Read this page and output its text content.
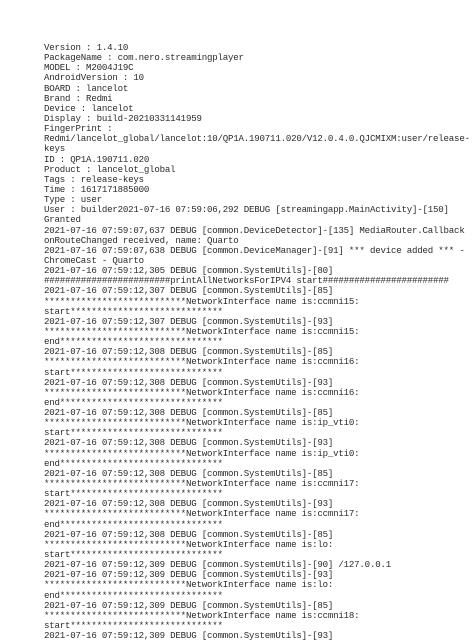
Version : 1.4.10
PackageName : com.nero.streamingplayer
MODEL : M2004J19C
AndroidVersion : 10
BOARD : lancelot
Brand : Redmi
Device : lancelot
Display : build-20210331141959
FingerPrint :
Redmi/lancelot_global/lancelot:10/QP1A.190711.020/V12.0.4.0.QJCMIXM:user/release-
keys
ID : QP1A.190711.020
Product : lancelot_global
Tags : release-keys
Time : 1617171885000
Type : user
User : builder2021-07-16 07:59:06,292 DEBUG [streamingapp.MainActivity]-[150]
Granted
2021-07-16 07:59:07,637 DEBUG [common.DeviceDetector]-[135] MediaRouter.Callback
onRouteChanged received, name: Quarto
2021-07-16 07:59:07,638 DEBUG [common.DeviceManager]-[91] *** device added *** -
ChromeCast - Quarto
2021-07-16 07:59:12,305 DEBUG [common.SystemUtils]-[80]
########################printAllNetworksForIPV4 start########################
2021-07-16 07:59:12,307 DEBUG [common.SystemUtils]-[85]
***************************NetworkInterface name is:ccmni15:
start*****************************
2021-07-16 07:59:12,307 DEBUG [common.SystemUtils]-[93]
***************************NetworkInterface name is:ccmni15:
end*******************************
2021-07-16 07:59:12,308 DEBUG [common.SystemUtils]-[85]
***************************NetworkInterface name is:ccmni16:
start*****************************
2021-07-16 07:59:12,308 DEBUG [common.SystemUtils]-[93]
***************************NetworkInterface name is:ccmni16:
end*******************************
2021-07-16 07:59:12,308 DEBUG [common.SystemUtils]-[85]
***************************NetworkInterface name is:ip_vti0:
start*****************************
2021-07-16 07:59:12,308 DEBUG [common.SystemUtils]-[93]
***************************NetworkInterface name is:ip_vti0:
end*******************************
2021-07-16 07:59:12,308 DEBUG [common.SystemUtils]-[85]
***************************NetworkInterface name is:ccmni17:
start*****************************
2021-07-16 07:59:12,308 DEBUG [common.SystemUtils]-[93]
***************************NetworkInterface name is:ccmni17:
end*******************************
2021-07-16 07:59:12,308 DEBUG [common.SystemUtils]-[85]
***************************NetworkInterface name is:lo:
start*****************************
2021-07-16 07:59:12,309 DEBUG [common.SystemUtils]-[90] /127.0.0.1
2021-07-16 07:59:12,309 DEBUG [common.SystemUtils]-[93]
***************************NetworkInterface name is:lo:
end*******************************
2021-07-16 07:59:12,309 DEBUG [common.SystemUtils]-[85]
***************************NetworkInterface name is:ccmni18:
start*****************************
2021-07-16 07:59:12,309 DEBUG [common.SystemUtils]-[93]
